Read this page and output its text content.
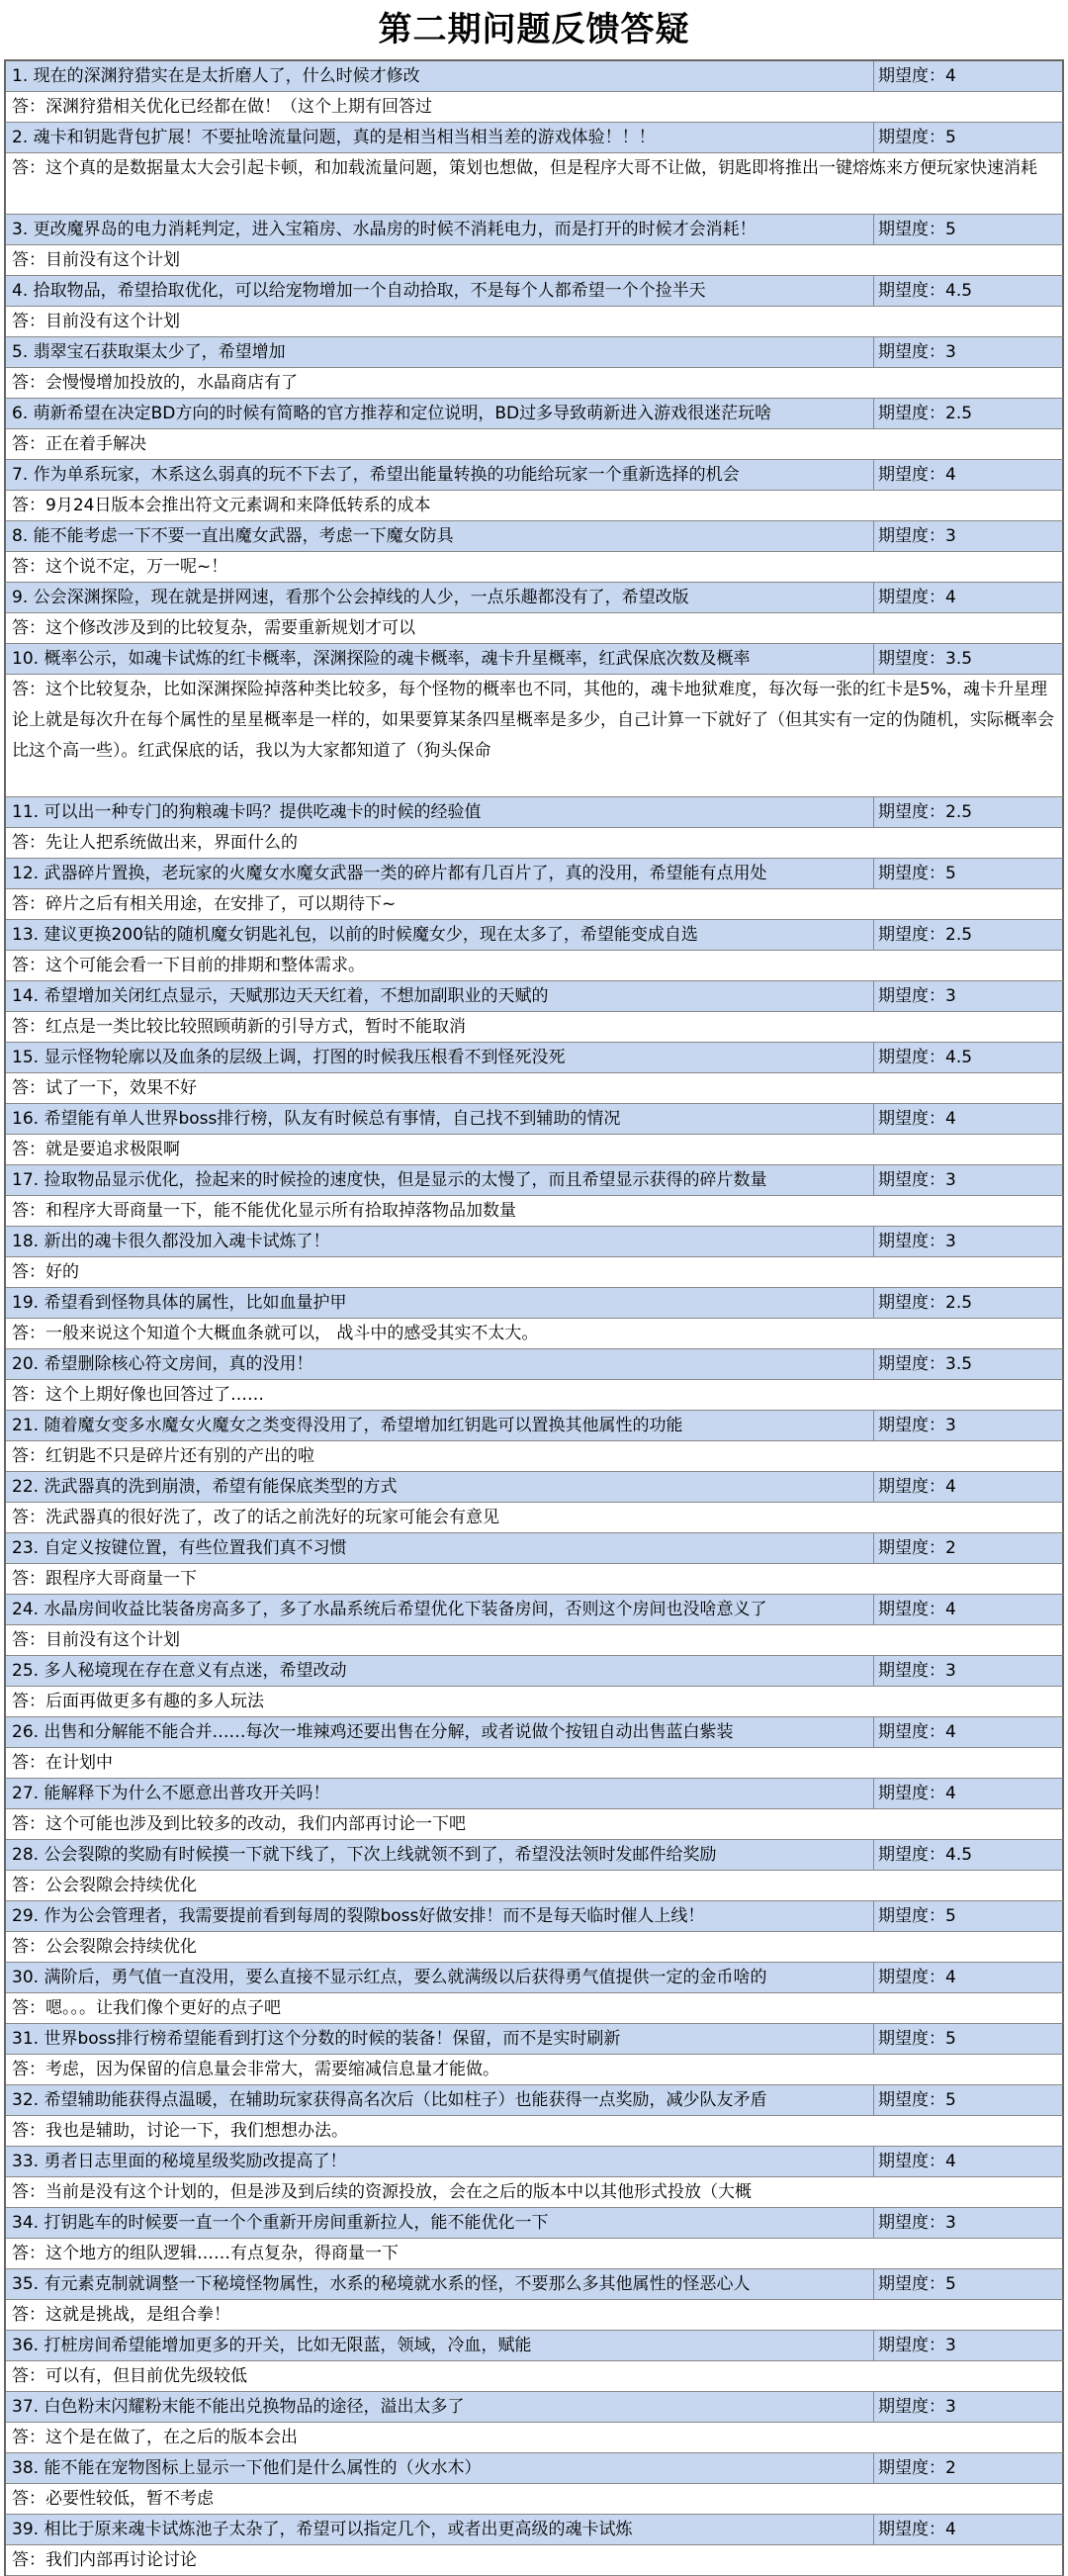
第二期问题反馈答疑
1. 现在的深渊狩猎实在是太折磨人了，什么时候才修改	期望度：4
答：深渊狩猎相关优化已经都在做！（这个上期有回答过
2. 魂卡和钥匙背包扩展！不要扯啥流量问题，真的是相当相当相当差的游戏体验！！！	期望度：5
答：这个真的是数据量太大会引起卡顿，和加载流量问题，策划也想做，但是程序大哥不让做，钥匙即将推出一键熔炼来方便玩家快速消耗
3. 更改魔界岛的电力消耗判定，进入宝箱房、水晶房的时候不消耗电力，而是打开的时候才会消耗！	期望度：5
答：目前没有这个计划
4. 拾取物品，希望拾取优化，可以给宠物增加一个自动拾取，不是每个人都希望一个个捡半天	期望度：4.5
答：目前没有这个计划
5. 翡翠宝石获取渠太少了，希望增加	期望度：3
答：会慢慢增加投放的，水晶商店有了
6. 萌新希望在决定BD方向的时候有简略的官方推荐和定位说明，BD过多导致萌新进入游戏很迷茫玩啥	期望度：2.5
答：正在着手解决
7. 作为单系玩家，木系这么弱真的玩不下去了，希望出能量转换的功能给玩家一个重新选择的机会	期望度：4
答：9月24日版本会推出符文元素调和来降低转系的成本
8. 能不能考虑一下不要一直出魔女武器，考虑一下魔女防具	期望度：3
答：这个说不定，万一呢~！
9. 公会深渊探险，现在就是拼网速，看那个公会掉线的人少，一点乐趣都没有了，希望改版	期望度：4
答：这个修改涉及到的比较复杂，需要重新规划才可以
10. 概率公示，如魂卡试炼的红卡概率，深渊探险的魂卡概率，魂卡升星概率，红武保底次数及概率	期望度：3.5
答：这个比较复杂，比如深渊探险掉落种类比较多，每个怪物的概率也不同，其他的，魂卡地狱难度，每次每一张的红卡是5%，魂卡升星理论上就是每次升在每个属性的星星概率是一样的，如果要算某条四星概率是多少，自己计算一下就好了（但其实有一定的伪随机，实际概率会比这个高一些）。红武保底的话，我以为大家都知道了（狗头保命
11. 可以出一种专门的狗粮魂卡吗？提供吃魂卡的时候的经验值	期望度：2.5
答：先让人把系统做出来，界面什么的
12. 武器碎片置换，老玩家的火魔女水魔女武器一类的碎片都有几百片了，真的没用，希望能有点用处	期望度：5
答：碎片之后有相关用途，在安排了，可以期待下~
13. 建议更换200钻的随机魔女钥匙礼包，以前的时候魔女少，现在太多了，希望能变成自选	期望度：2.5
答：这个可能会看一下目前的排期和整体需求。
14. 希望增加关闭红点显示，天赋那边天天红着，不想加副职业的天赋的	期望度：3
答：红点是一类比较比较照顾萌新的引导方式，暂时不能取消
15. 显示怪物轮廓以及血条的层级上调，打图的时候我压根看不到怪死没死	期望度：4.5
答：试了一下，效果不好
16. 希望能有单人世界boss排行榜，队友有时候总有事情，自己找不到辅助的情况	期望度：4
答：就是要追求极限啊
17. 捡取物品显示优化，捡起来的时候捡的速度快，但是显示的太慢了，而且希望显示获得的碎片数量	期望度：3
答：和程序大哥商量一下，能不能优化显示所有拾取掉落物品加数量
18. 新出的魂卡很久都没加入魂卡试炼了！	期望度：3
答：好的
19. 希望看到怪物具体的属性，比如血量护甲	期望度：2.5
答：一般来说这个知道个大概血条就可以， 战斗中的感受其实不太大。
20. 希望删除核心符文房间，真的没用！	期望度：3.5
答：这个上期好像也回答过了……
21. 随着魔女变多水魔女火魔女之类变得没用了，希望增加红钥匙可以置换其他属性的功能	期望度：3
答：红钥匙不只是碎片还有别的产出的啦
22. 洗武器真的洗到崩溃，希望有能保底类型的方式	期望度：4
答：洗武器真的很好洗了，改了的话之前洗好的玩家可能会有意见
23. 自定义按键位置，有些位置我们真不习惯	期望度：2
答：跟程序大哥商量一下
24. 水晶房间收益比装备房高多了，多了水晶系统后希望优化下装备房间，否则这个房间也没啥意义了	期望度：4
答：目前没有这个计划
25. 多人秘境现在存在意义有点迷，希望改动	期望度：3
答：后面再做更多有趣的多人玩法
26. 出售和分解能不能合并……每次一堆辣鸡还要出售在分解，或者说做个按钮自动出售蓝白紫装	期望度：4
答：在计划中
27. 能解释下为什么不愿意出普攻开关吗！	期望度：4
答：这个可能也涉及到比较多的改动，我们内部再讨论一下吧
28. 公会裂隙的奖励有时候摸一下就下线了，下次上线就领不到了，希望没法领时发邮件给奖励	期望度：4.5
答：公会裂隙会持续优化
29. 作为公会管理者，我需要提前看到每周的裂隙boss好做安排！而不是每天临时催人上线！	期望度：5
答：公会裂隙会持续优化
30. 满阶后，勇气值一直没用，要么直接不显示红点，要么就满级以后获得勇气值提供一定的金币啥的	期望度：4
答：嗯。。。让我们像个更好的点子吧
31. 世界boss排行榜希望能看到打这个分数的时候的装备！保留，而不是实时刷新	期望度：5
答：考虑，因为保留的信息量会非常大，需要缩减信息量才能做。
32. 希望辅助能获得点温暖，在辅助玩家获得高名次后（比如柱子）也能获得一点奖励，减少队友矛盾	期望度：5
答：我也是辅助，讨论一下，我们想想办法。
33. 勇者日志里面的秘境星级奖励改提高了！	期望度：4
答：当前是没有这个计划的，但是涉及到后续的资源投放，会在之后的版本中以其他形式投放（大概
34. 打钥匙车的时候要一直一个个重新开房间重新拉人，能不能优化一下	期望度：3
答：这个地方的组队逻辑……有点复杂，得商量一下
35. 有元素克制就调整一下秘境怪物属性，水系的秘境就水系的怪，不要那么多其他属性的怪恶心人	期望度：5
答：这就是挑战，是组合拳！
36. 打桩房间希望能增加更多的开关，比如无限蓝，领域，冷血，赋能	期望度：3
答：可以有，但目前优先级较低
37. 白色粉末闪耀粉末能不能出兑换物品的途径，溢出太多了	期望度：3
答：这个是在做了，在之后的版本会出
38. 能不能在宠物图标上显示一下他们是什么属性的（火水木）	期望度：2
答：必要性较低，暂不考虑
39. 相比于原来魂卡试炼池子太杂了，希望可以指定几个，或者出更高级的魂卡试炼	期望度：4
答：我们内部再讨论讨论
